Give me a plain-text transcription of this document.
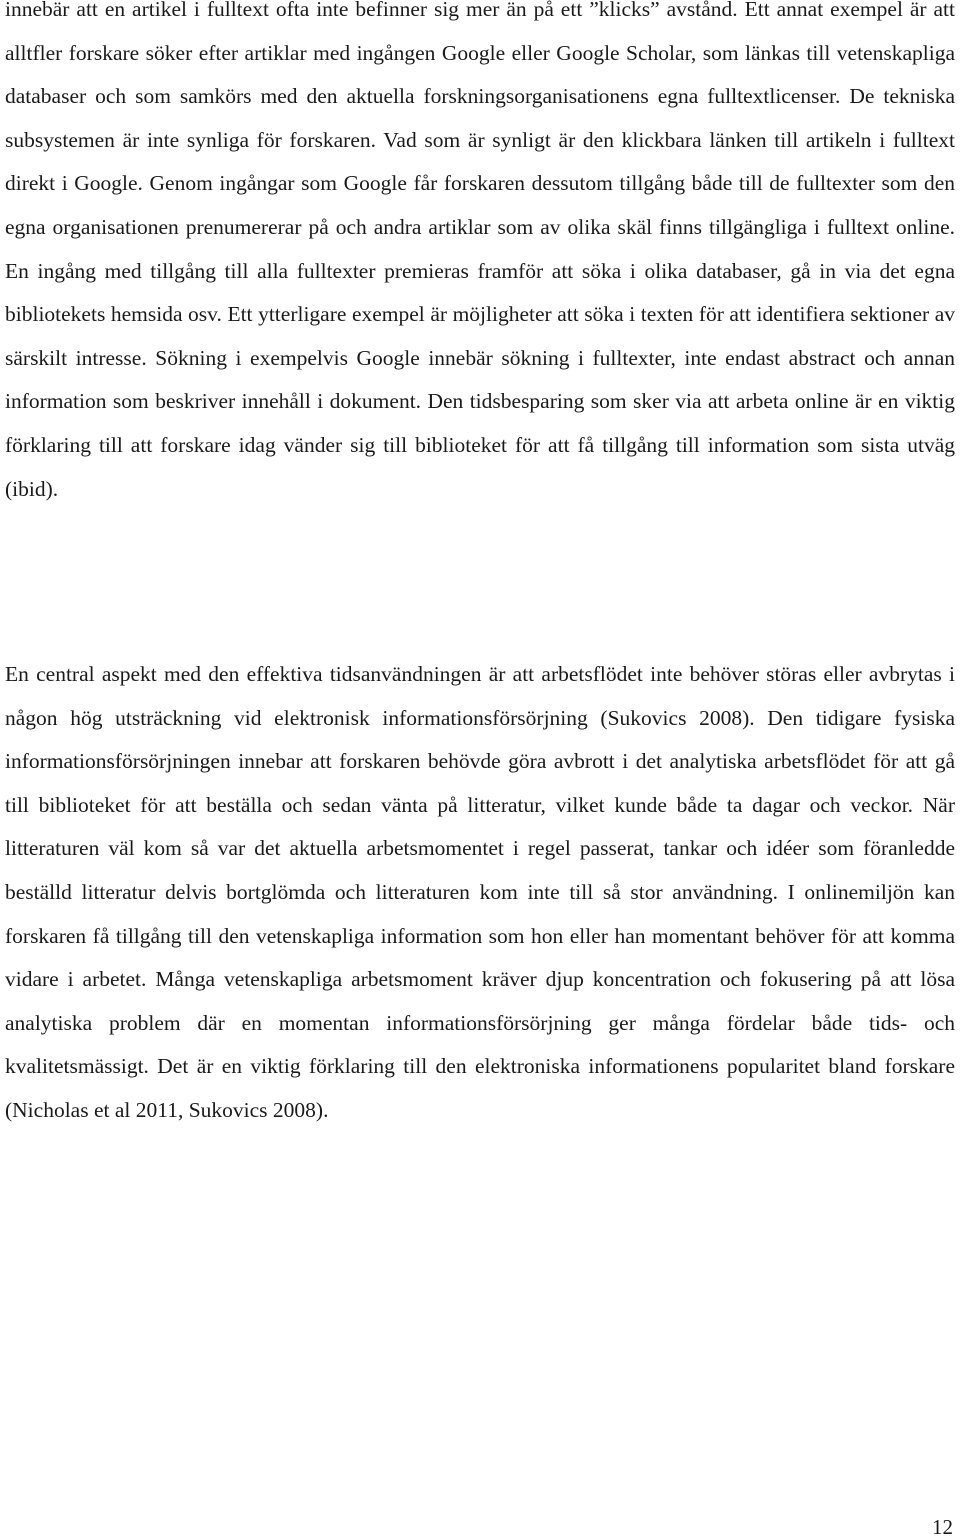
innebär att en artikel i fulltext ofta inte befinner sig mer än på ett ”klicks” avstånd. Ett annat exempel är att alltfler forskare söker efter artiklar med ingången Google eller Google Scholar, som länkas till vetenskapliga databaser och som samkörs med den aktuella forskningsorganisationens egna fulltextlicenser. De tekniska subsystemen är inte synliga för forskaren. Vad som är synligt är den klickbara länken till artikeln i fulltext direkt i Google. Genom ingångar som Google får forskaren dessutom tillgång både till de fulltexter som den egna organisationen prenumererar på och andra artiklar som av olika skäl finns tillgängliga i fulltext online. En ingång med tillgång till alla fulltexter premieras framför att söka i olika databaser, gå in via det egna bibliotekets hemsida osv. Ett ytterligare exempel är möjligheter att söka i texten för att identifiera sektioner av särskilt intresse. Sökning i exempelvis Google innebär sökning i fulltexter, inte endast abstract och annan information som beskriver innehåll i dokument. Den tidsbesparing som sker via att arbeta online är en viktig förklaring till att forskare idag vänder sig till biblioteket för att få tillgång till information som sista utväg (ibid).

En central aspekt med den effektiva tidsanvändningen är att arbetsflödet inte behöver störas eller avbrytas i någon hög utsträckning vid elektronisk informationsförsörjning (Sukovics 2008). Den tidigare fysiska informationsförsörjningen innebar att forskaren behövde göra avbrott i det analytiska arbetsflödet för att gå till biblioteket för att beställa och sedan vänta på litteratur, vilket kunde både ta dagar och veckor. När litteraturen väl kom så var det aktuella arbetsmomentet i regel passerat, tankar och idéer som föranledde beställd litteratur delvis bortglömda och litteraturen kom inte till så stor användning. I onlinemiljön kan forskaren få tillgång till den vetenskapliga information som hon eller han momentant behöver för att komma vidare i arbetet. Många vetenskapliga arbetsmoment kräver djup koncentration och fokusering på att lösa analytiska problem där en momentan informationsförsörjning ger många fördelar både tids- och kvalitetsmässigt. Det är en viktig förklaring till den elektroniska informationens popularitet bland forskare (Nicholas et al 2011, Sukovics 2008).

12
